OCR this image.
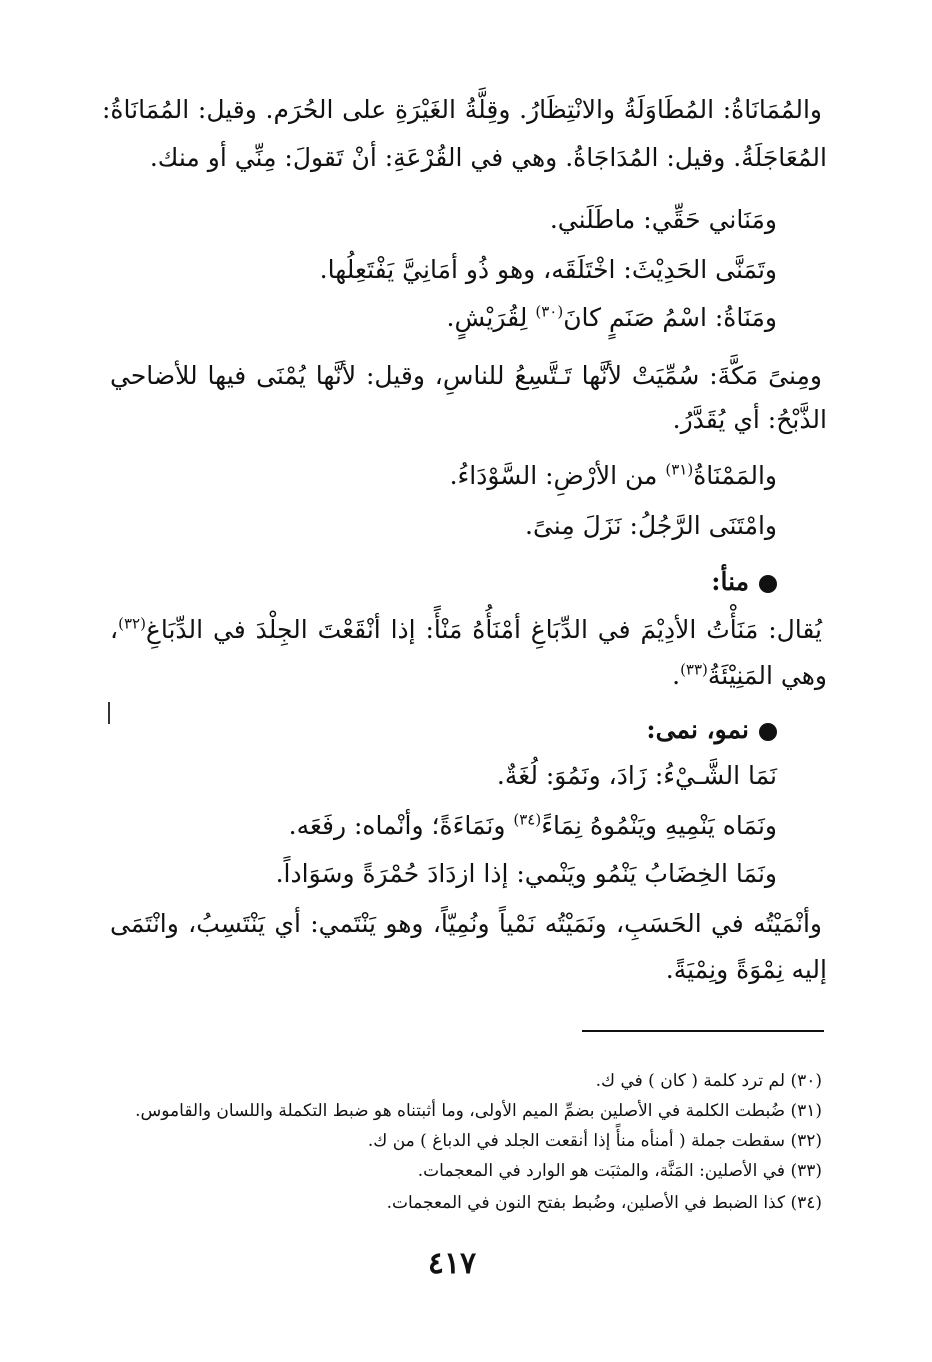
والمُمَانَاةُ: المُطَاوَلَةُ والانْتِظَارُ. وقِلَّةُ الغَيْرَةِ على الحُرَم. وقيل: المُمَانَاةُ:
المُعَاجَلَةُ. وقيل: المُدَاجَاةُ. وهي في القُرْعَةِ: أنْ تَقولَ: مِنِّي أو منك.
ومَنَاني حَقِّي: ماطَلَني.
وتَمَنَّى الحَدِيْثَ: اخْتَلَقَه، وهو ذُو أمَانِيَّ يَفْتَعِلُها.
ومَنَاةُ: اسْمُ صَنَمٍ كانَ$^{(٣٠)}$ لِقُرَيْشٍ.
ومِنىً مَكَّةَ: سُمِّيَتْ لأنَّها تَـتَّسِعُ للناسِ، وقيل: لأنَّها يُمْنَى فيها للأضاحي
الذَّبْحُ: أي يُقَدَّرُ.
والمَمْنَاةُ$^{(٣١)}$ من الأرْضِ: السَّوْدَاءُ.
وامْتَنَى الرَّجُلُ: نَزَلَ مِنىً.
منأ:
يُقال: مَنَأْتُ الأدِيْمَ في الدِّبَاغِ أمْنَأُهُ مَنْأً: إذا أنْقَعْتَ الجِلْدَ في الدِّبَاغِ$^{(٣٢)}$،
وهي المَنِيْئَةُ$^{(٣٣)}$.
نمو، نمى:
نَمَا الشَّـيْءُ: زَادَ، ونَمُوَ: لُغَةٌ.
ونَمَاه يَنْمِيهِ ويَنْمُوهُ نِمَاءً$^{(٣٤)}$ ونَمَاءَةً؛ وأنْماه: رفَعَه.
ونَمَا الخِضَابُ يَنْمُو ويَنْمي: إذا ازدَادَ حُمْرَةً وسَوَاداً.
وأنْمَيْتُه في الحَسَبِ، ونَمَيْتُه نَمْياً ونُمِيّاً، وهو يَنْتَمي: أي يَنْتَسِبُ، وانْتَمَى
إليه نِمْوَةً ونِمْيَةً.
(٣٠) لم ترد كلمة ( كان ) في ك.
(٣١) ضُبطت الكلمة في الأصلين بضمِّ الميم الأولى، وما أثبتناه هو ضبط التكملة واللسان والقاموس.
(٣٢) سقطت جملة ( أمنأه منأً إذا أنقعت الجلد في الدباغ ) من ك.
(٣٣) في الأصلين: المَنَّة، والمثبَت هو الوارد في المعجمات.
(٣٤) كذا الضبط في الأصلين، وضُبط بفتح النون في المعجمات.
٤١٧
